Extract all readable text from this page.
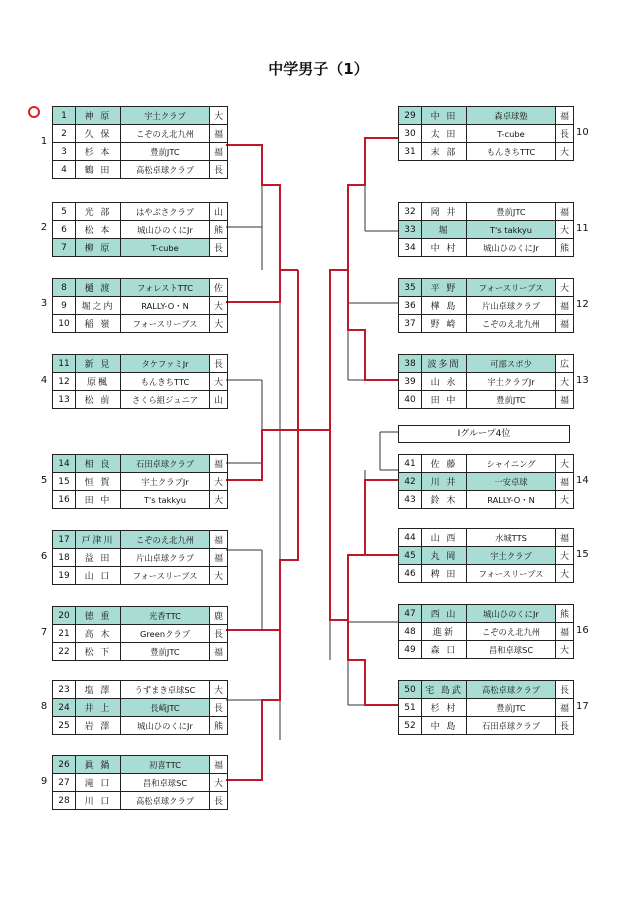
中学男子（1）
1
1	神 原	宇土クラブ	大
2	久 保	こぞのえ北九州	福
3	杉 本	豊前JTC	福
4	鶴 田	高松卓球クラブ	長
2
5	光 部	はやぶさクラブ	山
6	松 本	城山ひのくにJr	熊
7	柳 原	T-cube	長
3
8	樋 渡	フォレストTTC	佐
9	堀之内	RALLY-O・N	大
10	稲 嶺	フォースリーブス	大
4
11	新 見	タケファミJr	長
12	原楓	もんきちTTC	大
13	松 前	さくら組ジュニア	山
5
14	相 良	石田卓球クラブ	福
15	恒 賀	宇土クラブJr	大
16	田 中	T's takkyu	大
6
17	戸津川	こぞのえ北九州	福
18	益 田	片山卓球クラブ	福
19	山 口	フォースリーブス	大
7
20	徳 重	光香TTC	鹿
21	高 木	Greenクラブ	長
22	松 下	豊前JTC	福
8
23	塩 澤	うずまき卓球SC	大
24	井 上	長崎JTC	長
25	岩 澤	城山ひのくにJr	熊
9
26	眞 鍋	初喜TTC	福
27	滝 口	昌和卓球SC	大
28	川 口	高松卓球クラブ	長
29	中 田	森卓球塾	福
30	太 田	T-cube	長
31	末 部	もんきちTTC	大
10
32	岡 井	豊前JTC	福
33	堀	T's takkyu	大
34	中 村	城山ひのくにJr	熊
11
35	平 野	フォースリーブス	大
36	樺 島	片山卓球クラブ	福
37	野 崎	こぞのえ北九州	福
12
38	波多間	可部スポ少	広
39	山 永	宇土クラブJr	大
40	田 中	豊前JTC	福
13
Ⅰグループ4位
41	佐 藤	シャイニング	大
42	川 井	一安卓球	福
43	鈴 木	RALLY-O・N	大
14
44	山 西	水城TTS	福
45	丸 岡	宇土クラブ	大
46	稗 田	フォースリーブス	大
15
47	西 山	城山ひのくにJr	熊
48	進新	こぞのえ北九州	福
49	森 口	昌和卓球SC	大
16
50	宅 島武	高松卓球クラブ	長
51	杉 村	豊前JTC	福
52	中 島	石田卓球クラブ	長
17
